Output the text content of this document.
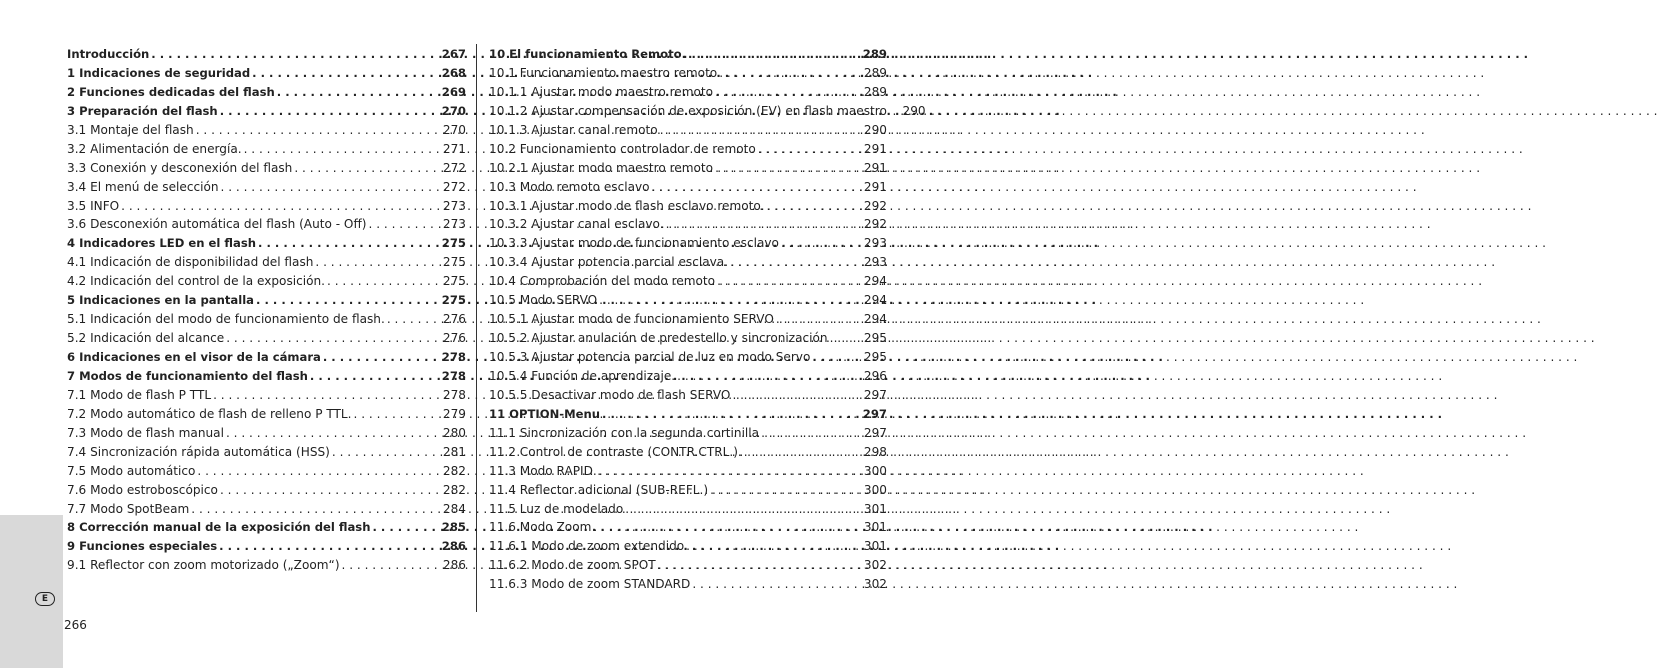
E
266
Introducción . . .	267
1 Indicaciones de seguridad . . .	268
2 Funciones dedicadas del flash . . .	269
3 Preparación del flash . . .	270
3.1 Montaje del flash . . .	270
3.2 Alimentación de energía. . . .	271
3.3 Conexión y desconexión del flash . . .	272
3.4 El menú de selección . . .	272
3.5 INFO . . .	273
3.6 Desconexión automática del flash (Auto - Off) . . .	273
4 Indicadores LED en el flash . . .	275
4.1 Indicación de disponibilidad del flash . . .	275
4.2 Indicación del control de la exposición. . . .	275
5 Indicaciones en la pantalla . . .	275
5.1 Indicación del modo de funcionamiento de flash. . . .	276
5.2 Indicación del alcance . . .	276
6 Indicaciones en el visor de la cámara . . .	278
7 Modos de funcionamiento del flash . . .	278
7.1 Modo de flash P TTL . . .	278
7.2 Modo automático de flash de relleno P TTL. . . .	279
7.3 Modo de flash manual . . .	280
7.4 Sincronización rápida automática (HSS) . . .	281
7.5 Modo automático . . .	282
7.6 Modo estroboscópico . . .	282
7.7 Modo SpotBeam . . .	284
8 Corrección manual de la exposición del flash . . .	285
9 Funciones especiales . . .	286
9.1 Reflector con zoom motorizado („Zoom“) . . .	286
10 El funcionamiento Remoto. . . .	289
10.1 Funcionamiento maestro remoto . . .	289
10.1.1 Ajustar modo maestro remoto . . .	289
10.1.2 Ajustar compensación de exposición (EV) en flash maestro. . . . 290
10.1.3 Ajustar canal remoto . . .	290
10.2 Funcionamiento controlador de remoto . . .	291
10.2.1 Ajustar modo maestro remoto . . .	291
10.3 Modo remoto esclavo . . .	291
10.3.1 Ajustar modo de flash esclavo remoto. . . .	292
10.3.2 Ajustar canal esclavo. . . .	292
10.3.3 Ajustar modo de funcionamiento esclavo . . .	293
10.3.4 Ajustar potencia parcial esclava. . . .	293
10.4 Comprobación del modo remoto . . .	294
10.5 Modo SERVO . . .	294
10.5.1 Ajustar modo de funcionamiento SERVO . . .	294
10.5.2 Ajustar anulación de predestello y sincronización . . .	295
10.5.3 Ajustar potencia parcial de luz en modo Servo . . .	295
10.5.4 Función de aprendizaje. . . .	296
10.5.5 Desactivar modo de flash SERVO . . .	297
11 OPTION-Menu . . .	297
11.1 Sincronización con la segunda cortinilla . . .	297
11.2 Control de contraste (CONTR.CTRL.). . . .	298
11.3 Modo RAPID. . . .	300
11.4 Reflector adicional (SUB-REFL.) . . .	300
11.5 Luz de modelado . . .	301
11.6 Modo Zoom . . .	301
11.6.1 Modo de zoom extendido . . .	301
11.6.2 Modo de zoom SPOT . . .	302
11.6.3 Modo de zoom STANDARD . . .	302
